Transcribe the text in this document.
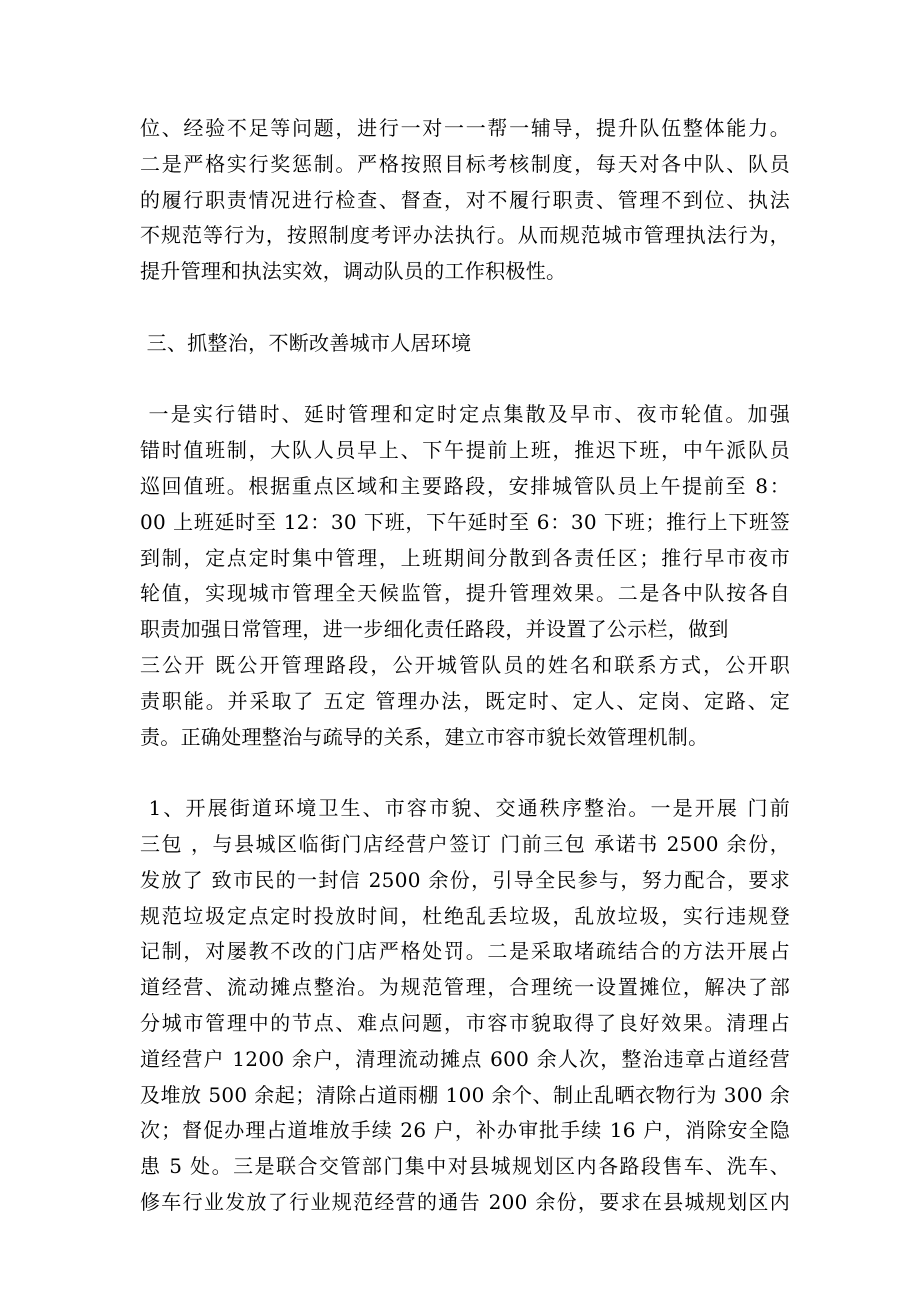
位、经验不足等问题，进行一对一一帮一辅导，提升队伍整体能力。
二是严格实行奖惩制。严格按照目标考核制度，每天对各中队、队员
的履行职责情况进行检查、督查，对不履行职责、管理不到位、执法
不规范等行为，按照制度考评办法执行。从而规范城市管理执法行为，
提升管理和执法实效，调动队员的工作积极性。
三、抓整治，不断改善城市人居环境
一是实行错时、延时管理和定时定点集散及早市、夜市轮值。加强
错时值班制，大队人员早上、下午提前上班，推迟下班，中午派队员
巡回值班。根据重点区域和主要路段，安排城管队员上午提前至 8：
00 上班延时至 12：30 下班，下午延时至 6：30 下班；推行上下班签
到制，定点定时集中管理，上班期间分散到各责任区；推行早市夜市
轮值，实现城市管理全天候监管，提升管理效果。二是各中队按各自
职责加强日常管理，进一步细化责任路段，并设置了公示栏，做到
三公开 既公开管理路段，公开城管队员的姓名和联系方式，公开职
责职能。并采取了 五定 管理办法，既定时、定人、定岗、定路、定
责。正确处理整治与疏导的关系，建立市容市貌长效管理机制。
1、开展街道环境卫生、市容市貌、交通秩序整治。一是开展 门前
三包 ，与县城区临街门店经营户签订 门前三包 承诺书 2500 余份，
发放了 致市民的一封信 2500 余份，引导全民参与，努力配合，要求
规范垃圾定点定时投放时间，杜绝乱丢垃圾，乱放垃圾，实行违规登
记制，对屡教不改的门店严格处罚。二是采取堵疏结合的方法开展占
道经营、流动摊点整治。为规范管理，合理统一设置摊位，解决了部
分城市管理中的节点、难点问题，市容市貌取得了良好效果。清理占
道经营户 1200 余户，清理流动摊点 600 余人次，整治违章占道经营
及堆放 500 余起；清除占道雨棚 100 余个、制止乱晒衣物行为 300 余
次；督促办理占道堆放手续 26 户，补办审批手续 16 户，消除安全隐
患 5 处。三是联合交管部门集中对县城规划区内各路段售车、洗车、
修车行业发放了行业规范经营的通告 200 余份，要求在县城规划区内
